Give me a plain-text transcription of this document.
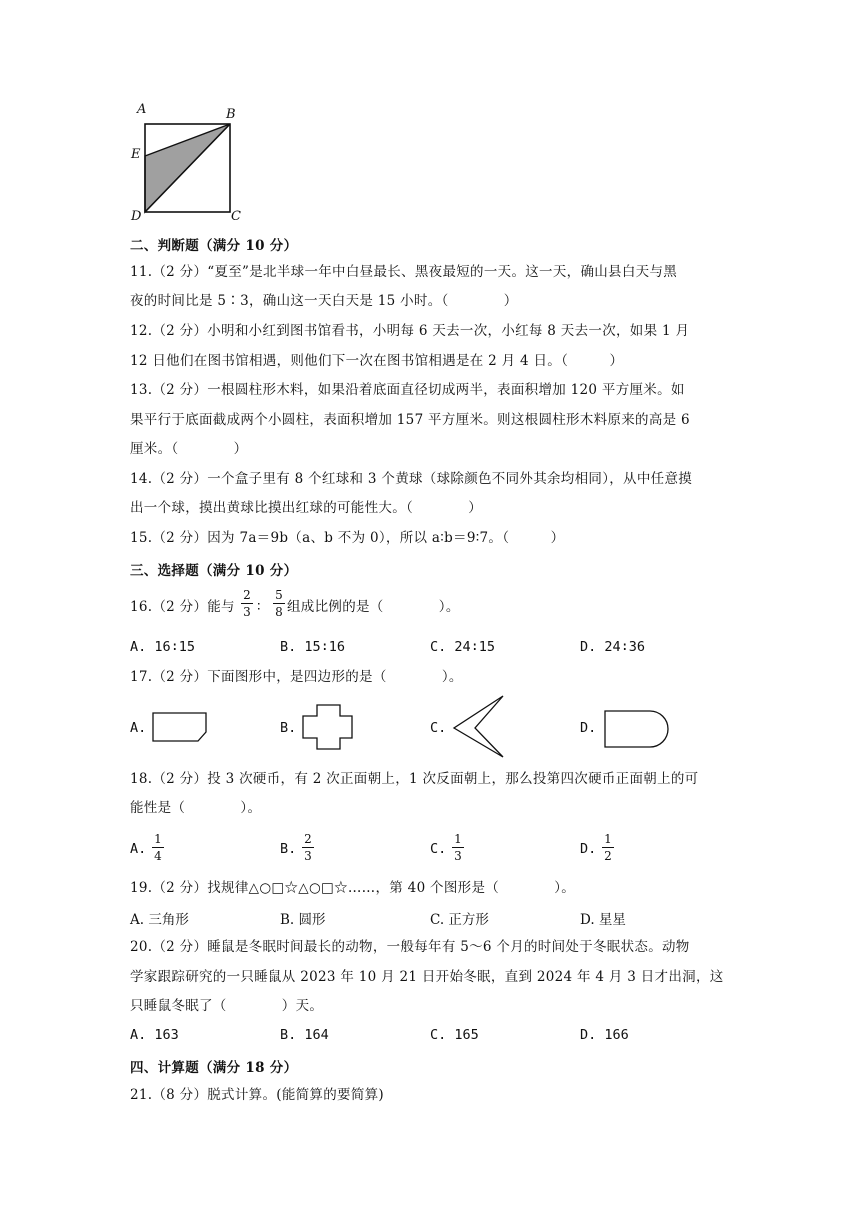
A	B
E
D	C
二、判断题（满分 10 分）
11.（2 分）“夏至”是北半球一年中白昼最长、黑夜最短的一天。这一天，确山县白天与黑
夜的时间比是 5∶3，确山这一天白天是 15 小时。（　　　　）
12.（2 分）小明和小红到图书馆看书，小明每 6 天去一次，小红每 8 天去一次，如果 1 月
12 日他们在图书馆相遇，则他们下一次在图书馆相遇是在 2 月 4 日。（　　　）
13.（2 分）一根圆柱形木料，如果沿着底面直径切成两半，表面积增加 120 平方厘米。如
果平行于底面截成两个小圆柱，表面积增加 157 平方厘米。则这根圆柱形木料原来的高是 6
厘米。（　　　　）
14.（2 分）一个盒子里有 8 个红球和 3 个黄球（球除颜色不同外其余均相同），从中任意摸
出一个球，摸出黄球比摸出红球的可能性大。（　　　　）
15.（2 分）因为 7a＝9b（a、b 不为 0），所以 a∶b＝9∶7。（　　　）
三、选择题（满分 10 分）
16.（2 分）能与
2
3 ∶
5
8 组成比例的是（　　　　）。
A. 16∶15	B. 15∶16	C. 24∶15	D. 24∶36
17.（2 分）下面图形中，是四边形的是（　　　　）。
A.	B.	C.	D.
18.（2 分）投 3 次硬币，有 2 次正面朝上，1 次反面朝上，那么投第四次硬币正面朝上的可
能性是（　　　　）。
A.
1
4	B.
2
3	C.
1
3	D.
1
2
19.（2 分）找规律△○□☆△○□☆……，第 40 个图形是（　　　　）。
A. 三角形	B. 圆形	C. 正方形	D. 星星
20.（2 分）睡鼠是冬眠时间最长的动物，一般每年有 5～6 个月的时间处于冬眠状态。动物
学家跟踪研究的一只睡鼠从 2023 年 10 月 21 日开始冬眠，直到 2024 年 4 月 3 日才出洞，这
只睡鼠冬眠了（　　　　）天。
A. 163	B. 164	C. 165	D. 166
四、计算题（满分 18 分）
21.（8 分）脱式计算。(能简算的要简算)
